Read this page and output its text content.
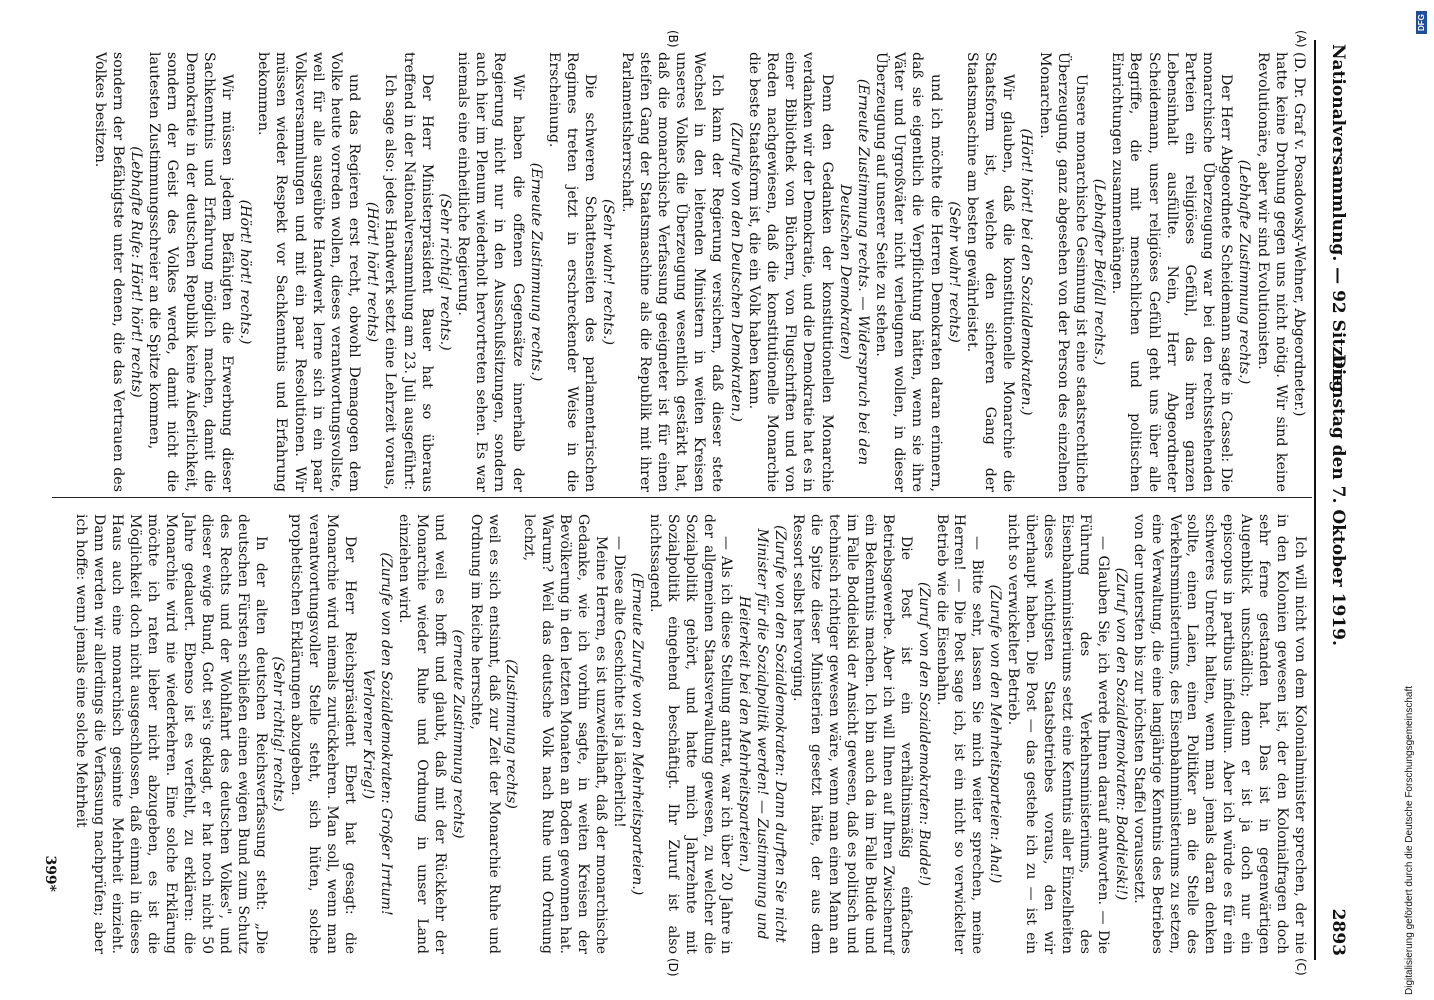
Nationalversammlung. — 92 Sitzung.
Dienstag den 7. Oktober 1919.
2893
(A)
(B)
(C)
(D)

(D. Dr. Graf v. Posadowsky-Wehner, Abgeordneter.)

hatte keine Drohung gegen uns nicht nötig. Wir sind keine Revolutionäre, aber wir sind Evolutionisten.

(Lebhafte Zustimmung rechts.)

Der Herr Abgeordnete Scheidemann sagte in Cassel: Die monarchische Überzeugung war bei den rechtsstehenden Parteien ein religiöses Gefühl, das ihren ganzen Lebensinhalt ausfüllte. Nein, Herr Abgeordneter Scheidemann, unser religiöses Gefühl geht uns über alle Begriffe, die mit menschlichen und politischen Einrichtungen zusammenhängen.

(Lebhafter Beifall rechts.)

Unsere monarchische Gesinnung ist eine staatsrechtliche Überzeugung, ganz abgesehen von der Person des einzelnen Monarchen.

(Hört! hört! bei den Sozialdemokraten.)

Wir glauben, daß die konstitutionelle Monarchie die Staatsform ist, welche den sicheren Gang der Staatsmaschine am besten gewährleistet.

(Sehr wahr! rechts)

und ich möchte die Herren Demokraten daran erinnern, daß sie eigentlich die Verpflichtung hätten, wenn sie ihre Väter und Urgroßväter nicht verleugnen wollen, in dieser Überzeugung auf unserer Seite zu stehen.

(Erneute Zustimmung rechts. — Widerspruch bei den Deutschen Demokraten)

Denn den Gedanken der konstitutionellen Monarchie verdanken wir der Demokratie, und die Demokratie hat es in einer Bibliothek von Büchern, von Flugschriften und von Reden nachgewiesen, daß die konstitutionelle Monarchie die beste Staatsform ist, die ein Volk haben kann.

(Zurufe von den Deutschen Demokraten.)

Ich kann der Regierung versichern, daß dieser stete Wechsel in den leitenden Ministern in weiten Kreisen unseres Volkes die Überzeugung wesentlich gestärkt hat, daß die monarchische Verfassung geeigneter ist für einen steifen Gang der Staatsmaschine als die Republik mit ihrer Parlamentsherrschaft.

(Sehr wahr! rechts.)

Die schweren Schattenseiten des parlamentarischen Regimes treten jetzt in erschreckender Weise in die Erscheinung.

(Erneute Zustimmung rechts.)

Wir haben die offenen Gegensätze innerhalb der Regierung nicht nur in den Ausschußsitzungen, sondern auch hier im Plenum wiederholt hervortreten sehen. Es war niemals eine einheitliche Regierung.

(Sehr richtig! rechts.)

Der Herr Ministerpräsident Bauer hat so überaus treffend in der Nationalversammlung am 23. Juli ausgeführt:

Ich sage also: jedes Handwerk setzt eine Lehrzeit voraus,

(Hört! hört! rechts)

und das Regieren erst recht, obwohl Demagogen dem Volke heute vorreden wollen, dieses verantwortungsvollste, weil für alle ausgeübte Handwerk lerne sich in ein paar Volksversammlungen und mit ein paar Resolutionen. Wir müssen wieder Respekt vor Sachkenntnis und Erfahrung bekommen.

(Hört! hört! rechts.)

Wir müssen jedem Befähigten die Erwerbung dieser Sachkenntnis und Erfahrung möglich machen, damit die Demokratie in der deutschen Republik keine Äußerlichkeit, sondern der Geist des Volkes werde, damit nicht die lautesten Zustimmungsschreier an die Spitze kommen,

(Lebhafte Rufe: Hört! hört! rechts)

sondern der Befähigtste unter denen, die das Vertrauen des Volkes besitzen.

Ich will nicht von dem Kolonialminister sprechen, der nie in den Kolonien gewesen ist, der den Kolonialfragen doch sehr ferne gestanden hat. Das ist in gegenwärtigen Augenblick unschädlich; denn er ist ja doch nur ein episcopus in partibus infidelium. Aber ich würde es für ein schweres Unrecht halten, wenn man jemals daran denken sollte, einen Laien, einen Politiker an die Stelle des Verkehrsministeriums, des Eisenbahnministeriums zu setzen, eine Verwaltung, die eine langjährige Kenntnis des Betriebes von der untersten bis zur höchsten Staffel voraussetzt.

(Zuruf von den Sozialdemokraten: Boddielski!)

— Glauben Sie, ich werde Ihnen darauf antworten. — Die Führung des Verkehrsministeriums, des Eisenbahnministeriums setzt eine Kenntnis aller Einzelheiten dieses wichtigsten Staatsbetriebes voraus, den wir überhaupt haben. Die Post — das gestehe ich zu — ist ein nicht so verwickelter Betrieb.

(Zurufe von den Mehrheitsparteien: Aha!)

— Bitte sehr, lassen Sie mich weiter sprechen, meine Herren! — Die Post sage ich, ist ein nicht so verwickelter Betrieb wie die Eisenbahn.

(Zuruf von den Sozialdemokraten: Budde!)

Die Post ist ein verhältnismäßig einfaches Betriebsgewerbe. Aber ich will Ihnen auf Ihren Zwischenruf ein Bekenntnis machen. Ich bin auch da im Falle Budde und im Falle Boddielski der Ansicht gewesen, daß es politisch und technisch richtiger gewesen wäre, wenn man einen Mann an die Spitze dieser Ministerien gesetzt hätte, der aus dem Ressort selbst hervorging.

(Zurufe von den Sozialdemokraten: Dann durften Sie nicht Minister für die Sozialpolitik werden! — Zustimmung und Heiterkeit bei den Mehrheitsparteien.)

— Als ich diese Stellung antrat, war ich über 20 Jahre in der allgemeinen Staatsverwaltung gewesen, zu welcher die Sozialpolitik gehört, und hatte mich Jahrzehnte mit Sozialpolitik eingehend beschäftigt. Ihr Zuruf ist also nichtssagend.

(Erneute Zurufe von den Mehrheitsparteien.)

— Diese alte Geschichte ist ja lächerlich!

Meine Herren, es ist unzweifelhaft, daß der monarchische Gedanke, wie ich vorhin sagte, in weiten Kreisen der Bevölkerung in den letzten Monaten an Boden gewonnen hat. Warum? Weil das deutsche Volk nach Ruhe und Ordnung lechzt,

(Zustimmung rechts)

weil es sich entsinnt, daß zur Zeit der Monarchie Ruhe und Ordnung im Reiche herrschte,

(erneute Zustimmung rechts)

und weil es hofft und glaubt, daß mit der Rückkehr der Monarchie wieder Ruhe und Ordnung in unser Land einziehen wird.

(Zurufe von den Sozialdemokraten: Großer Irrtum! Verlorener Krieg!)

Der Herr Reichspräsident Ebert hat gesagt: die Monarchie wird niemals zurückkehren. Man soll, wenn man verantwortungsvoller Stelle steht, sich hüten, solche prophetischen Erklärungen abzugeben.

(Sehr richtig! rechts.)

In der alten deutschen Reichsverfassung steht: „Die deutschen Fürsten schließen einen ewigen Bund zum Schutz des Rechts und der Wohlfahrt des deutschen Volkes", und dieser ewige Bund, Gott sei's geklagt, er hat noch nicht 50 Jahre gedauert. Ebenso ist es verfehlt, zu erklären: die Monarchie wird nie wiederkehren. Eine solche Erklärung möchte ich raten lieber nicht abzugeben, es ist die Möglichkeit doch nicht ausgeschlossen, daß einmal in dieses Haus auch eine monarchisch gesinnte Mehrheit einzieht. Dann werden wir allerdings die Verfassung nachprüfen; aber ich hoffe: wenn jemals eine solche Mehrheit

399*	Digitalisierung gefördert durch die Deutsche Forschungsgemeinschaft
DFG
